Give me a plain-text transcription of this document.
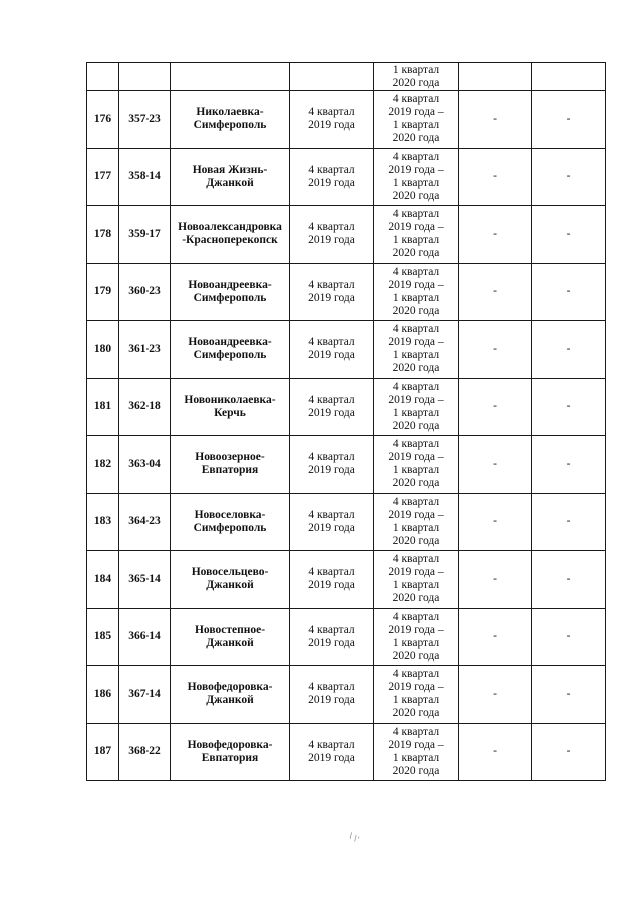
				1 квартал
2020 года		

176	357-23	Николаевка-
Симферополь	4 квартал
2019 года	4 квартал
2019 года –
1 квартал
2020 года	-	-
177	358-14	Новая Жизнь-
Джанкой	4 квартал
2019 года	4 квартал
2019 года –
1 квартал
2020 года	-	-
178	359-17	Новоалександровка
-Красноперекопск	4 квартал
2019 года	4 квартал
2019 года –
1 квартал
2020 года	-	-
179	360-23	Новоандреевка-
Симферополь	4 квартал
2019 года	4 квартал
2019 года –
1 квартал
2020 года	-	-
180	361-23	Новоандреевка-
Симферополь	4 квартал
2019 года	4 квартал
2019 года –
1 квартал
2020 года	-	-
181	362-18	Новониколаевка-
Керчь	4 квартал
2019 года	4 квартал
2019 года –
1 квартал
2020 года	-	-
182	363-04	Новоозерное-
Евпатория	4 квартал
2019 года	4 квартал
2019 года –
1 квартал
2020 года	-	-
183	364-23	Новоселовка-
Симферополь	4 квартал
2019 года	4 квартал
2019 года –
1 квартал
2020 года	-	-
184	365-14	Новосельцево-
Джанкой	4 квартал
2019 года	4 квартал
2019 года –
1 квартал
2020 года	-	-
185	366-14	Новостепное-
Джанкой	4 квартал
2019 года	4 квартал
2019 года –
1 квартал
2020 года	-	-
186	367-14	Новофедоровка-
Джанкой	4 квартал
2019 года	4 квартал
2019 года –
1 квартал
2020 года	-	-
187	368-22	Новофедоровка-
Евпатория	4 квартал
2019 года	4 квартал
2019 года –
1 квартал
2020 года	-	-
\ \'
